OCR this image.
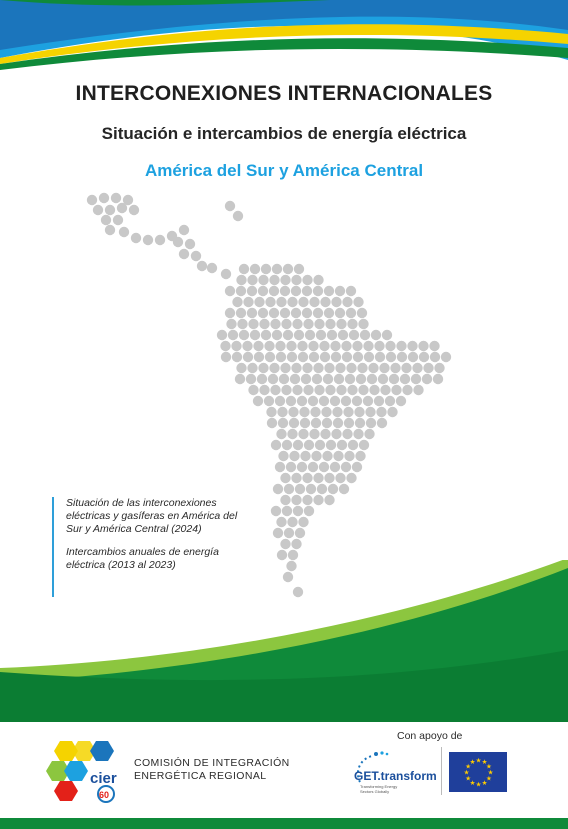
INTERCONEXIONES INTERNACIONALES
Situación e intercambios de energía eléctrica
América del Sur y América Central

Situación de las interconexiones eléctricas y gasíferas en América del Sur y América Central (2024)

Intercambios anuales de energía eléctrica (2013 al 2023)

cier
60
COMISIÓN DE INTEGRACIÓN
ENERGÉTICA REGIONAL
Con apoyo de
GET.transform
Transforming Energy
Sectors Globally
★
★
★
★
★
★
★
★
★ ★ ★
★
